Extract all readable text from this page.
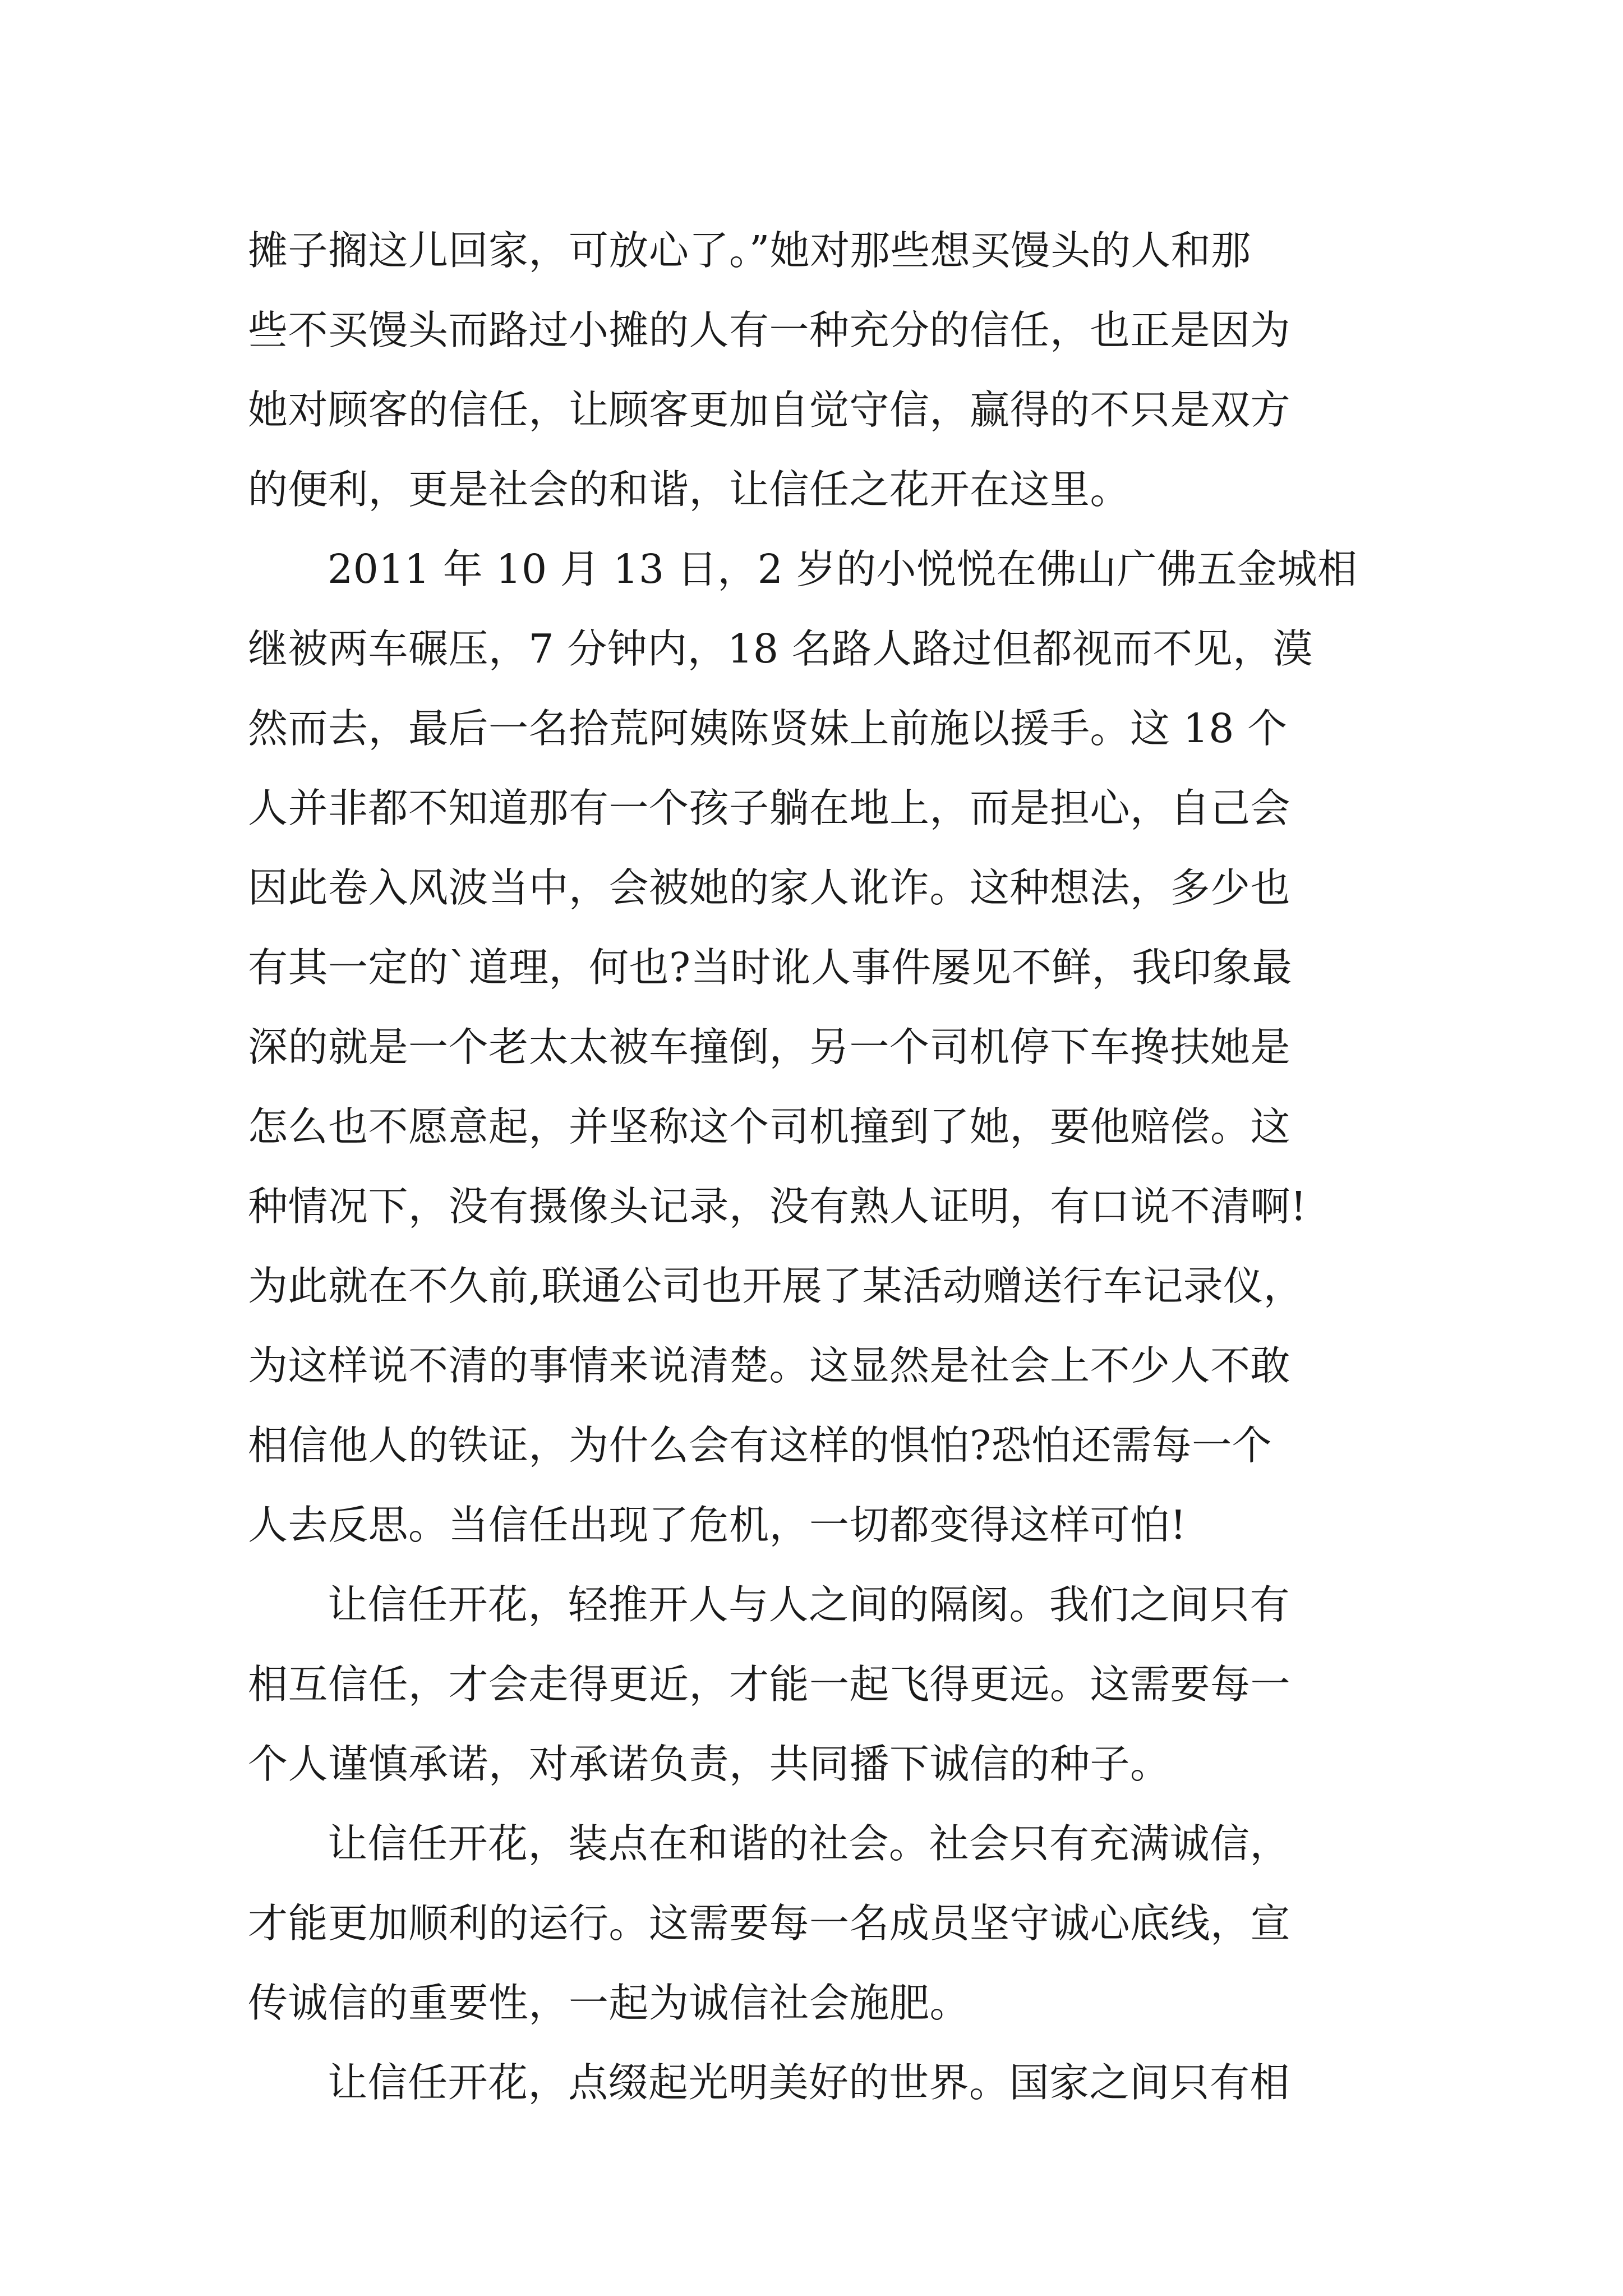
摊子搁这儿回家，可放心了。”她对那些想买馒头的人和那
些不买馒头而路过小摊的人有一种充分的信任，也正是因为
她对顾客的信任，让顾客更加自觉守信，赢得的不只是双方
的便利，更是社会的和谐，让信任之花开在这里。
2011 年 10 月 13 日，2 岁的小悦悦在佛山广佛五金城相
继被两车碾压，7 分钟内，18 名路人路过但都视而不见，漠
然而去，最后一名拾荒阿姨陈贤妹上前施以援手。这 18 个
人并非都不知道那有一个孩子躺在地上，而是担心，自己会
因此卷入风波当中，会被她的家人讹诈。这种想法，多少也
有其一定的`道理，何也?当时讹人事件屡见不鲜，我印象最
深的就是一个老太太被车撞倒，另一个司机停下车搀扶她是
怎么也不愿意起，并坚称这个司机撞到了她，要他赔偿。这
种情况下，没有摄像头记录，没有熟人证明，有口说不清啊!
为此就在不久前,联通公司也开展了某活动赠送行车记录仪，
为这样说不清的事情来说清楚。这显然是社会上不少人不敢
相信他人的铁证，为什么会有这样的惧怕?恐怕还需每一个
人去反思。当信任出现了危机，一切都变得这样可怕!
让信任开花，轻推开人与人之间的隔阂。我们之间只有
相互信任，才会走得更近，才能一起飞得更远。这需要每一
个人谨慎承诺，对承诺负责，共同播下诚信的种子。
让信任开花，装点在和谐的社会。社会只有充满诚信，
才能更加顺利的运行。这需要每一名成员坚守诚心底线，宣
传诚信的重要性，一起为诚信社会施肥。
让信任开花，点缀起光明美好的世界。国家之间只有相
